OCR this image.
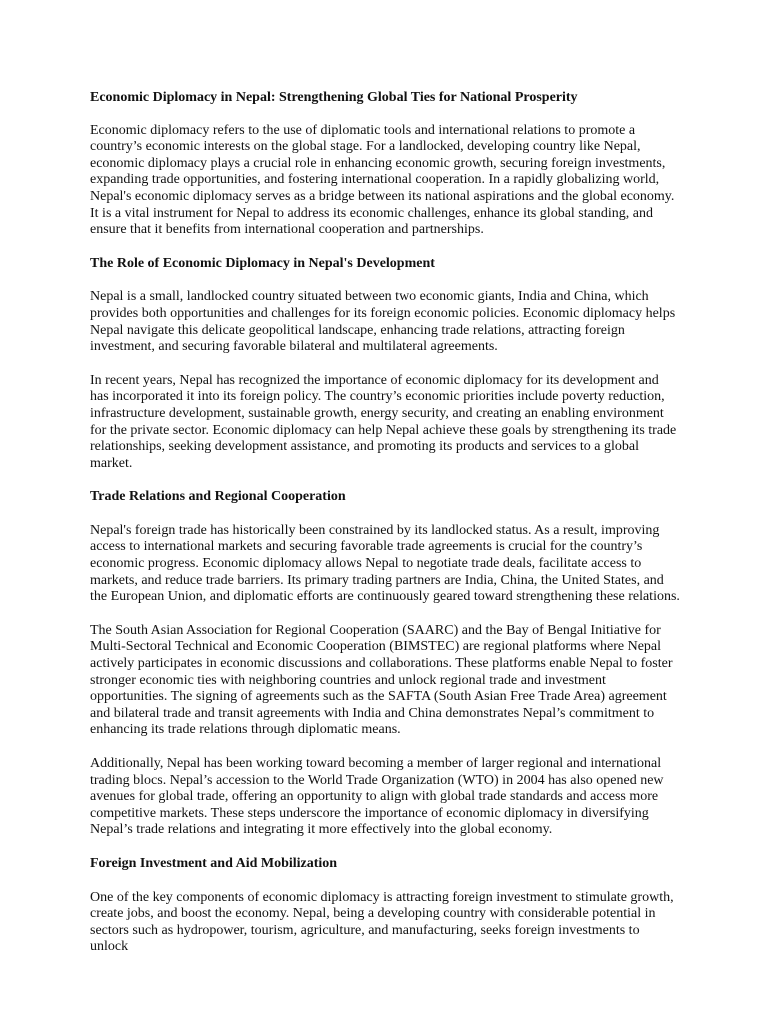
Economic Diplomacy in Nepal: Strengthening Global Ties for National Prosperity

Economic diplomacy refers to the use of diplomatic tools and international relations to promote a country’s economic interests on the global stage. For a landlocked, developing country like Nepal, economic diplomacy plays a crucial role in enhancing economic growth, securing foreign investments, expanding trade opportunities, and fostering international cooperation. In a rapidly globalizing world, Nepal's economic diplomacy serves as a bridge between its national aspirations and the global economy. It is a vital instrument for Nepal to address its economic challenges, enhance its global standing, and ensure that it benefits from international cooperation and partnerships.

The Role of Economic Diplomacy in Nepal's Development

Nepal is a small, landlocked country situated between two economic giants, India and China, which provides both opportunities and challenges for its foreign economic policies. Economic diplomacy helps Nepal navigate this delicate geopolitical landscape, enhancing trade relations, attracting foreign investment, and securing favorable bilateral and multilateral agreements.

In recent years, Nepal has recognized the importance of economic diplomacy for its development and has incorporated it into its foreign policy. The country’s economic priorities include poverty reduction, infrastructure development, sustainable growth, energy security, and creating an enabling environment for the private sector. Economic diplomacy can help Nepal achieve these goals by strengthening its trade relationships, seeking development assistance, and promoting its products and services to a global market.

Trade Relations and Regional Cooperation

Nepal's foreign trade has historically been constrained by its landlocked status. As a result, improving access to international markets and securing favorable trade agreements is crucial for the country’s economic progress. Economic diplomacy allows Nepal to negotiate trade deals, facilitate access to markets, and reduce trade barriers. Its primary trading partners are India, China, the United States, and the European Union, and diplomatic efforts are continuously geared toward strengthening these relations.

The South Asian Association for Regional Cooperation (SAARC) and the Bay of Bengal Initiative for Multi-Sectoral Technical and Economic Cooperation (BIMSTEC) are regional platforms where Nepal actively participates in economic discussions and collaborations. These platforms enable Nepal to foster stronger economic ties with neighboring countries and unlock regional trade and investment opportunities. The signing of agreements such as the SAFTA (South Asian Free Trade Area) agreement and bilateral trade and transit agreements with India and China demonstrates Nepal’s commitment to enhancing its trade relations through diplomatic means.

Additionally, Nepal has been working toward becoming a member of larger regional and international trading blocs. Nepal’s accession to the World Trade Organization (WTO) in 2004 has also opened new avenues for global trade, offering an opportunity to align with global trade standards and access more competitive markets. These steps underscore the importance of economic diplomacy in diversifying Nepal’s trade relations and integrating it more effectively into the global economy.

Foreign Investment and Aid Mobilization

One of the key components of economic diplomacy is attracting foreign investment to stimulate growth, create jobs, and boost the economy. Nepal, being a developing country with considerable potential in sectors such as hydropower, tourism, agriculture, and manufacturing, seeks foreign investments to unlock
